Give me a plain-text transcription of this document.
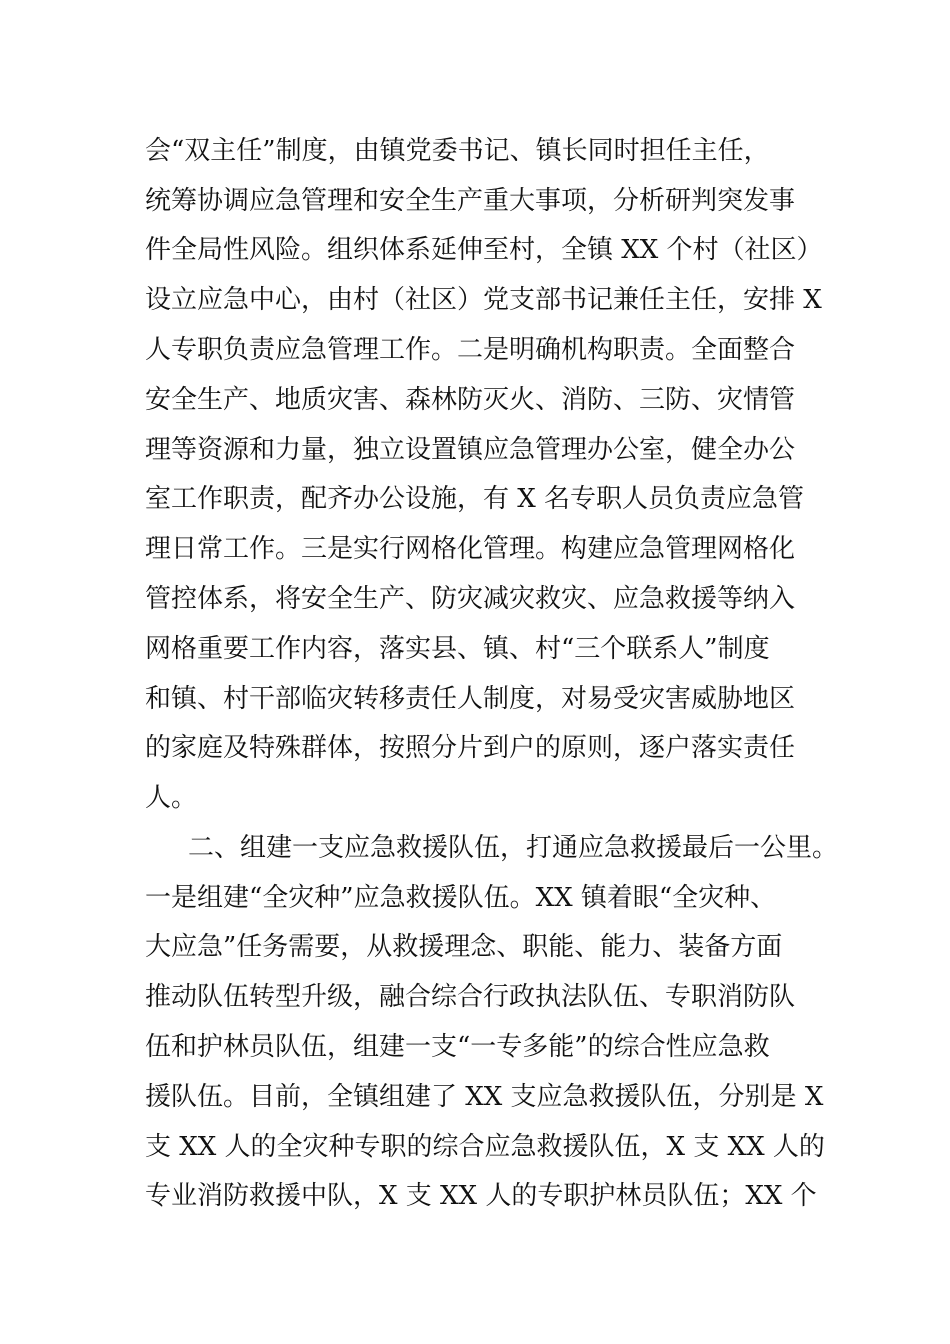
会“双主任”制度，由镇党委书记、镇长同时担任主任，
统筹协调应急管理和安全生产重大事项，分析研判突发事
件全局性风险。组织体系延伸至村，全镇 XX 个村（社区）
设立应急中心，由村（社区）党支部书记兼任主任，安排 X
人专职负责应急管理工作。二是明确机构职责。全面整合
安全生产、地质灾害、森林防灭火、消防、三防、灾情管
理等资源和力量，独立设置镇应急管理办公室，健全办公
室工作职责，配齐办公设施，有 X 名专职人员负责应急管
理日常工作。三是实行网格化管理。构建应急管理网格化
管控体系，将安全生产、防灾减灾救灾、应急救援等纳入
网格重要工作内容，落实县、镇、村“三个联系人”制度
和镇、村干部临灾转移责任人制度，对易受灾害威胁地区
的家庭及特殊群体，按照分片到户的原则，逐户落实责任
人。
二、组建一支应急救援队伍，打通应急救援最后一公里。
一是组建“全灾种”应急救援队伍。XX 镇着眼“全灾种、
大应急”任务需要，从救援理念、职能、能力、装备方面
推动队伍转型升级，融合综合行政执法队伍、专职消防队
伍和护林员队伍，组建一支“一专多能”的综合性应急救
援队伍。目前，全镇组建了 XX 支应急救援队伍，分别是 X
支 XX 人的全灾种专职的综合应急救援队伍，X 支 XX 人的
专业消防救援中队，X 支 XX 人的专职护林员队伍；XX 个
